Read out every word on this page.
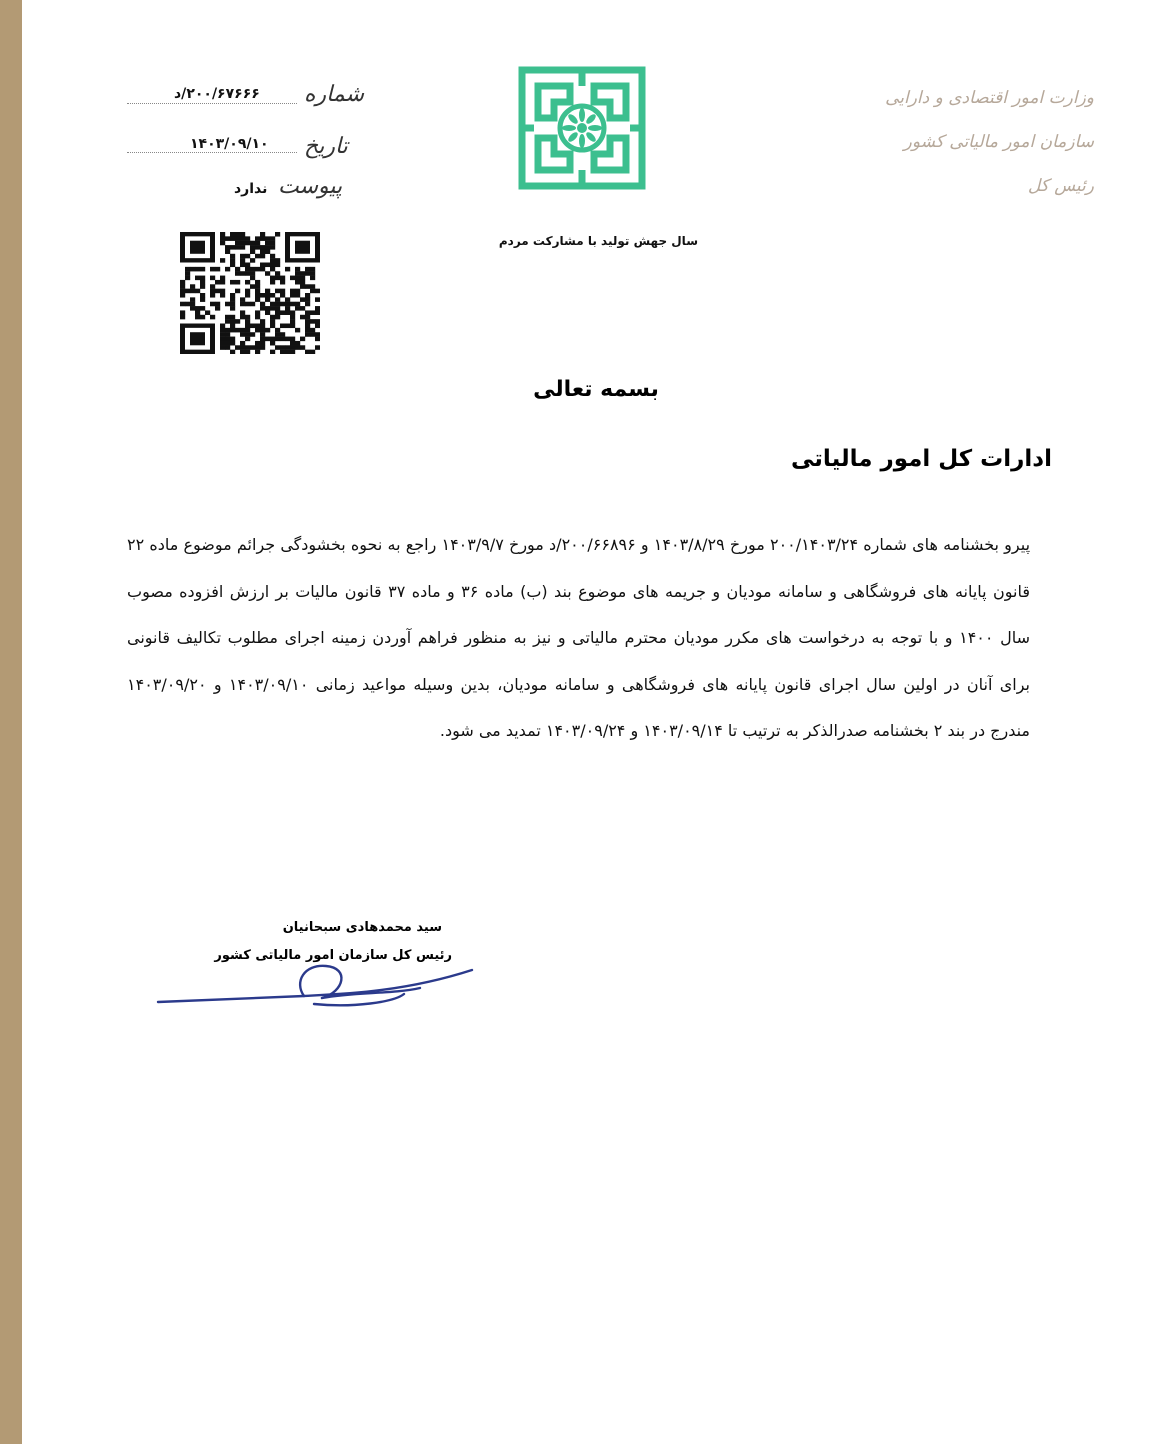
شماره
۲۰۰/۶۷۶۶۶/د
تاریخ
۱۴۰۳/۰۹/۱۰
پیوست
ندارد
سال جهش تولید با مشارکت مردم
وزارت امور اقتصادی و دارایی
سازمان امور مالیاتی کشور
رئیس کل
بسمه تعالی
ادارات کل امور مالیاتی
پیرو بخشنامه های شماره ۲۰۰/۱۴۰۳/۲۴ مورخ ۱۴۰۳/۸/۲۹ و ۲۰۰/۶۶۸۹۶/د مورخ ۱۴۰۳/۹/۷ راجع به نحوه بخشودگی جرائم موضوع ماده ۲۲ قانون پایانه های فروشگاهی و سامانه مودیان و جریمه های موضوع بند (ب) ماده ۳۶ و ماده ۳۷ قانون مالیات بر ارزش افزوده مصوب سال ۱۴۰۰ و با توجه به درخواست های مکرر مودیان محترم مالیاتی و نیز به منظور فراهم آوردن زمینه اجرای مطلوب تکالیف قانونی برای آنان در اولین سال اجرای قانون پایانه های فروشگاهی و سامانه مودیان، بدین وسیله مواعید زمانی ۱۴۰۳/۰۹/۱۰ و ۱۴۰۳/۰۹/۲۰ مندرج در بند ۲ بخشنامه صدرالذکر به ترتیب تا ۱۴۰۳/۰۹/۱۴ و ۱۴۰۳/۰۹/۲۴ تمدید می شود.
سید محمدهادی سبحانیان
رئیس کل سازمان امور مالیاتی کشور
